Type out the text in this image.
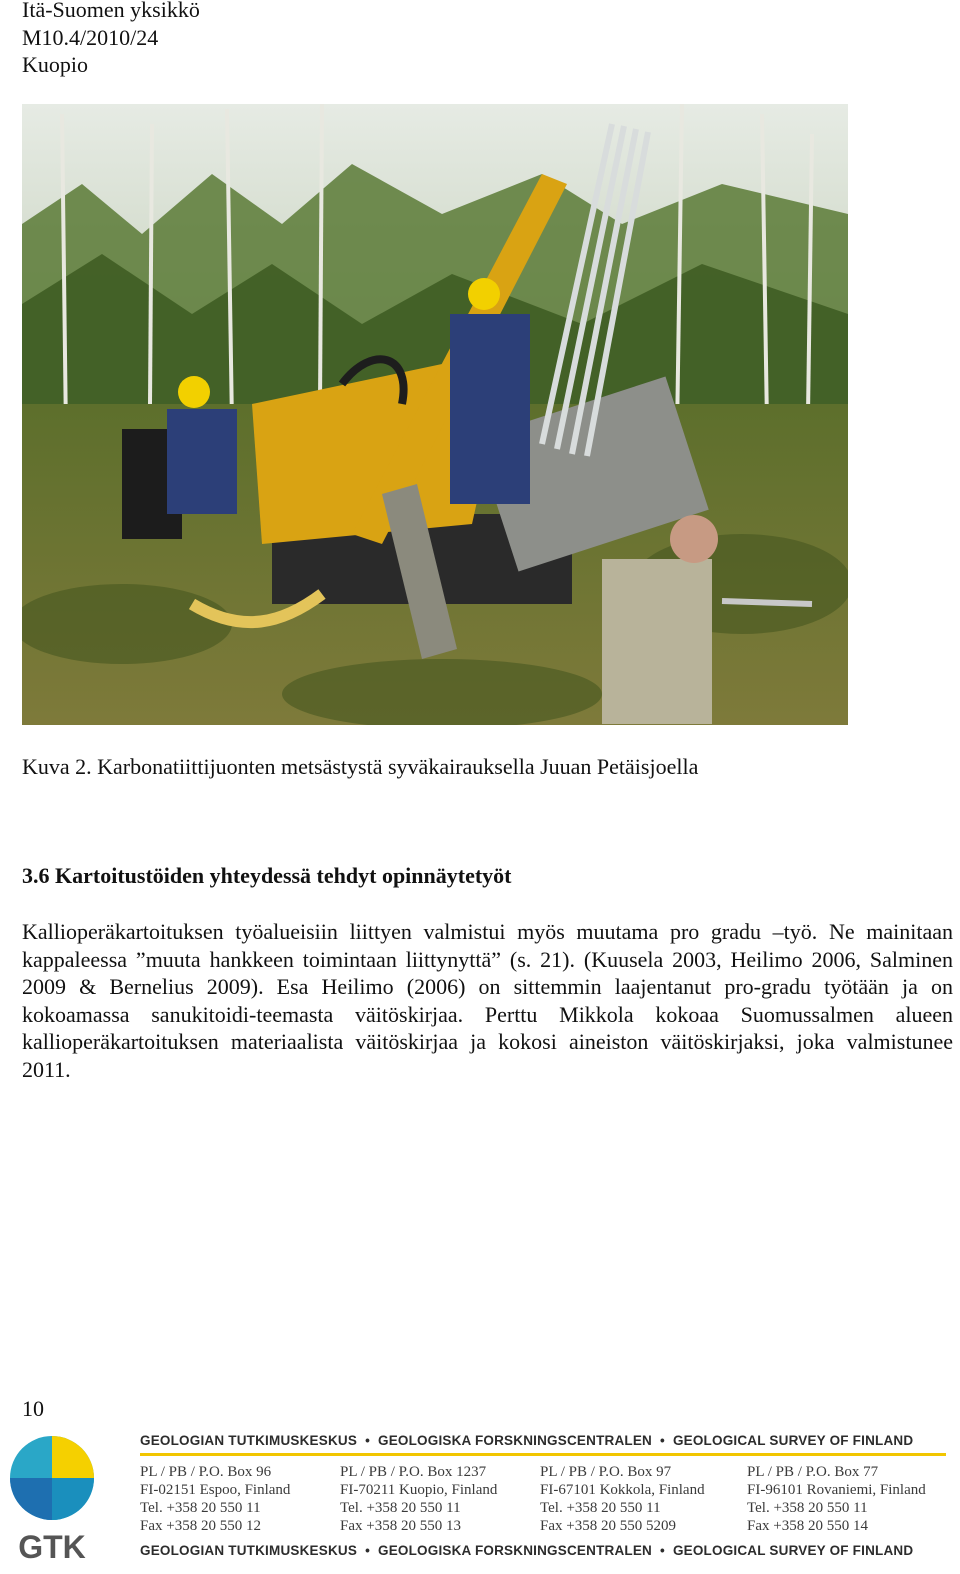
Itä-Suomen yksikkö
M10.4/2010/24
Kuopio
Kuva 2. Karbonatiittijuonten metsästystä syväkairauksella Juuan Petäisjoella
3.6 Kartoitustöiden yhteydessä tehdyt opinnäytetyöt

Kallioperäkartoituksen työalueisiin liittyen valmistui myös muutama pro gradu –työ. Ne mainitaan kappaleessa ”muuta hankkeen toimintaan liittynyttä” (s. 21). (Kuusela 2003, Heilimo 2006, Salminen 2009 & Bernelius 2009). Esa Heilimo (2006) on sittemmin laajentanut pro-gradu työtään ja on kokoamassa sanukitoidi-teemasta väitöskirjaa. Perttu Mikkola kokoaa Suomussalmen alueen kallioperäkartoituksen materiaalista väitöskirjaa ja kokosi aineiston väitöskirjaksi, joka valmistunee 2011.

10
GTK
GEOLOGIAN TUTKIMUSKESKUS • GEOLOGISKA FORSKNINGSCENTRALEN • GEOLOGICAL SURVEY OF FINLAND
PL / PB / P.O. Box 96
FI-02151 Espoo, Finland
Tel. +358 20 550 11
Fax +358 20 550 12
PL / PB / P.O. Box 1237
FI-70211 Kuopio, Finland
Tel. +358 20 550 11
Fax +358 20 550 13
PL / PB / P.O. Box 97
FI-67101 Kokkola, Finland
Tel. +358 20 550 11
Fax +358 20 550 5209
PL / PB / P.O. Box 77
FI-96101 Rovaniemi, Finland
Tel. +358 20 550 11
Fax +358 20 550 14
GEOLOGIAN TUTKIMUSKESKUS • GEOLOGISKA FORSKNINGSCENTRALEN • GEOLOGICAL SURVEY OF FINLAND
